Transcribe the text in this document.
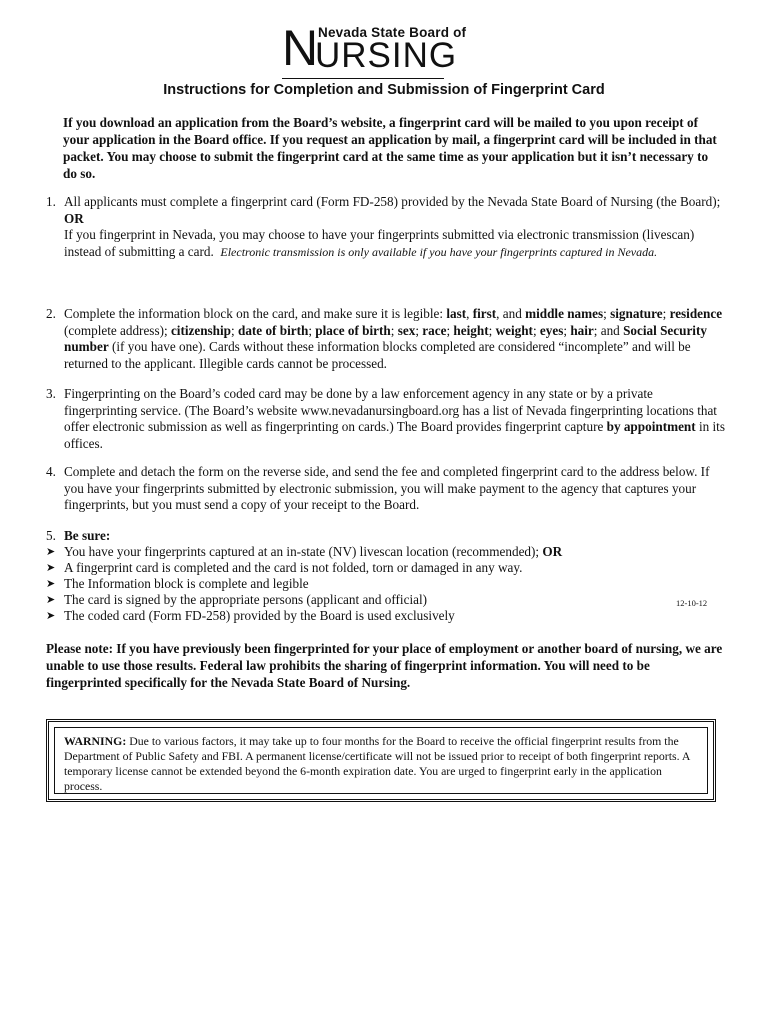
N Nevada State Board of
URSING
Instructions for Completion and Submission of Fingerprint Card
If you download an application from the Board’s website, a fingerprint card will be mailed to you upon receipt of your application in the Board office. If you request an application by mail, a fingerprint card will be included in that packet. You may choose to submit the fingerprint card at the same time as your application but it isn’t necessary to do so.
1. All applicants must complete a fingerprint card (Form FD-258) provided by the Nevada State Board of Nursing (the Board);
OR
If you fingerprint in Nevada, you may choose to have your fingerprints submitted via electronic transmission (livescan) instead of submitting a card. Electronic transmission is only available if you have your fingerprints captured in Nevada.
2. Complete the information block on the card, and make sure it is legible: last, first, and middle names; signature; residence (complete address); citizenship; date of birth; place of birth; sex; race; height; weight; eyes; hair; and Social Security number (if you have one). Cards without these information blocks completed are considered “incomplete” and will be returned to the applicant. Illegible cards cannot be processed.
3. Fingerprinting on the Board’s coded card may be done by a law enforcement agency in any state or by a private fingerprinting service. (The Board’s website www.nevadanursingboard.org has a list of Nevada fingerprinting locations that offer electronic submission as well as fingerprinting on cards.) The Board provides fingerprint capture by appointment in its offices.
4. Complete and detach the form on the reverse side, and send the fee and completed fingerprint card to the address below. If you have your fingerprints submitted by electronic submission, you will make payment to the agency that captures your fingerprints, but you must send a copy of your receipt to the Board.
5. Be sure:
➤ You have your fingerprints captured at an in-state (NV) livescan location (recommended); OR
➤ A fingerprint card is completed and the card is not folded, torn or damaged in any way.
➤ The Information block is complete and legible
➤ The card is signed by the appropriate persons (applicant and official)
➤ The coded card (Form FD-258) provided by the Board is used exclusively
12-10-12
Please note: If you have previously been fingerprinted for your place of employment or another board of nursing, we are unable to use those results. Federal law prohibits the sharing of fingerprint information. You will need to be fingerprinted specifically for the Nevada State Board of Nursing.
WARNING: Due to various factors, it may take up to four months for the Board to receive the official fingerprint results from the Department of Public Safety and FBI. A permanent license/certificate will not be issued prior to receipt of both fingerprint reports. A temporary license cannot be extended beyond the 6-month expiration date. You are urged to fingerprint early in the application process.
